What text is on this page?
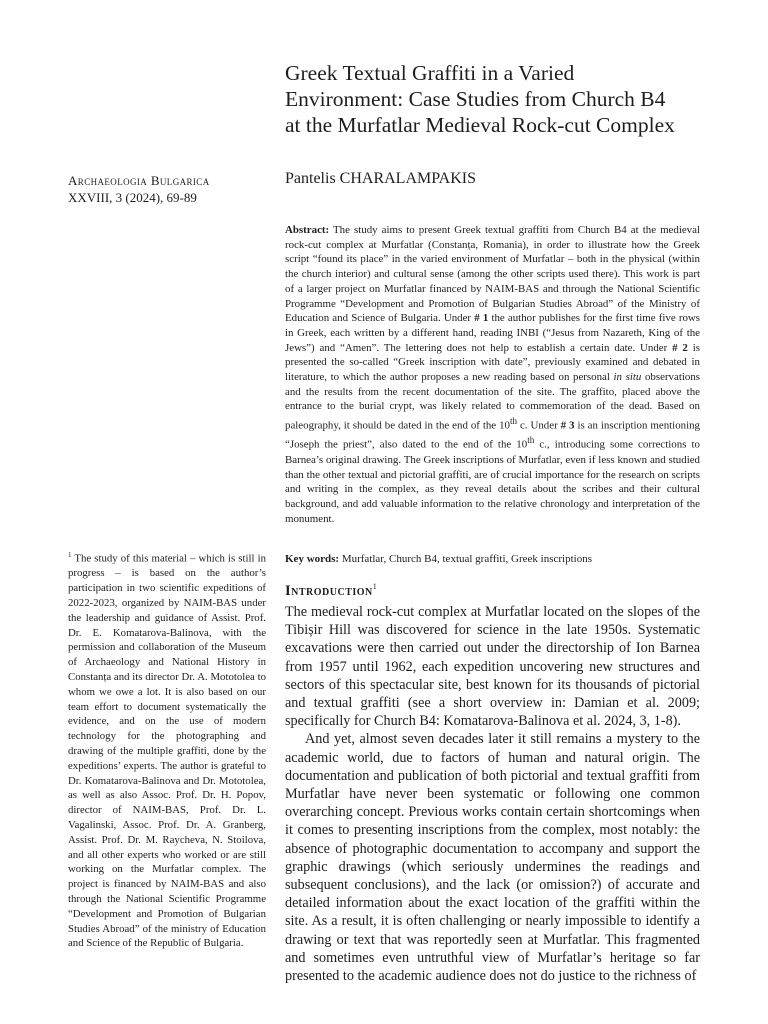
Greek Textual Graffiti in a Varied
Environment: Case Studies from Church B4
at the Murfatlar Medieval Rock-cut Complex
Archaeologia Bulgarica
XXVIII, 3 (2024), 69-89
Pantelis CHARALAMPAKIS

Abstract: The study aims to present Greek textual graffiti from Church B4 at the medieval rock-cut complex at Murfatlar (Constanța, Romania), in order to illustrate how the Greek script “found its place” in the varied environment of Murfatlar – both in the physical (within the church interior) and cultural sense (among the other scripts used there). This work is part of a larger project on Murfatlar financed by NAIM-BAS and through the National Scientific Programme “Development and Promotion of Bulgarian Studies Abroad” of the Ministry of Education and Science of Bulgaria. Under # 1 the author publishes for the first time five rows in Greek, each written by a different hand, reading INBI (“Jesus from Nazareth, King of the Jews”) and “Amen”. The lettering does not help to establish a certain date. Under # 2 is presented the so-called “Greek inscription with date”, previously examined and debated in literature, to which the author proposes a new reading based on personal in situ observations and the results from the recent documentation of the site. The graffito, placed above the entrance to the burial crypt, was likely related to commemoration of the dead. Based on paleography, it should be dated in the end of the 10th c. Under # 3 is an inscription mentioning “Joseph the priest”, also dated to the end of the 10th c., introducing some corrections to Barnea’s original drawing. The Greek inscriptions of Murfatlar, even if less known and studied than the other textual and pictorial graffiti, are of crucial importance for the research on scripts and writing in the complex, as they reveal details about the scribes and their cultural background, and add valuable information to the relative chronology and interpretation of the monument.

Key words: Murfatlar, Church B4, textual graffiti, Greek inscriptions
Introduction$^1$

The medieval rock-cut complex at Murfatlar located on the slopes of the Tibișir Hill was discovered for science in the late 1950s. Systematic excavations were then carried out under the directorship of Ion Barnea from 1957 until 1962, each expedition uncovering new structures and sectors of this spectacular site, best known for its thousands of pictorial and textual graffiti (see a short overview in: Damian et al. 2009; specifically for Church B4: Komatarova-Balinova et al. 2024, 3, 1-8).

And yet, almost seven decades later it still remains a mystery to the academic world, due to factors of human and natural origin. The documentation and publication of both pictorial and textual graffiti from Murfatlar have never been systematic or following one common overarching concept. Previous works contain certain shortcomings when it comes to presenting inscriptions from the complex, most notably: the absence of photographic documentation to accompany and support the graphic drawings (which seriously undermines the readings and subsequent conclusions), and the lack (or omission?) of accurate and detailed information about the exact location of the graffiti within the site. As a result, it is often challenging or nearly impossible to identify a drawing or text that was reportedly seen at Murfatlar. This fragmented and sometimes even untruthful view of Murfatlar’s heritage so far presented to the academic audience does not do justice to the richness of

$^1$ The study of this material – which is still in progress – is based on the author’s participation in two scientific expeditions of 2022-2023, organized by NAIM-BAS under the leadership and guidance of Assist. Prof. Dr. E. Komatarova-Balinova, with the permission and collaboration of the Museum of Archaeology and National History in Constanța and its director Dr. A. Mototolea to whom we owe a lot. It is also based on our team effort to document systematically the evidence, and on the use of modern technology for the photographing and drawing of the multiple graffiti, done by the expeditions’ experts. The author is grateful to Dr. Komatarova-Balinova and Dr. Mototolea, as well as also Assoc. Prof. Dr. H. Popov, director of NAIM-BAS, Prof. Dr. L. Vagalinski, Assoc. Prof. Dr. A. Granberg, Assist. Prof. Dr. M. Raycheva, N. Stoilova, and all other experts who worked or are still working on the Murfatlar complex. The project is financed by NAIM-BAS and also through the National Scientific Programme “Development and Promotion of Bulgarian Studies Abroad” of the ministry of Education and Science of the Republic of Bulgaria.
